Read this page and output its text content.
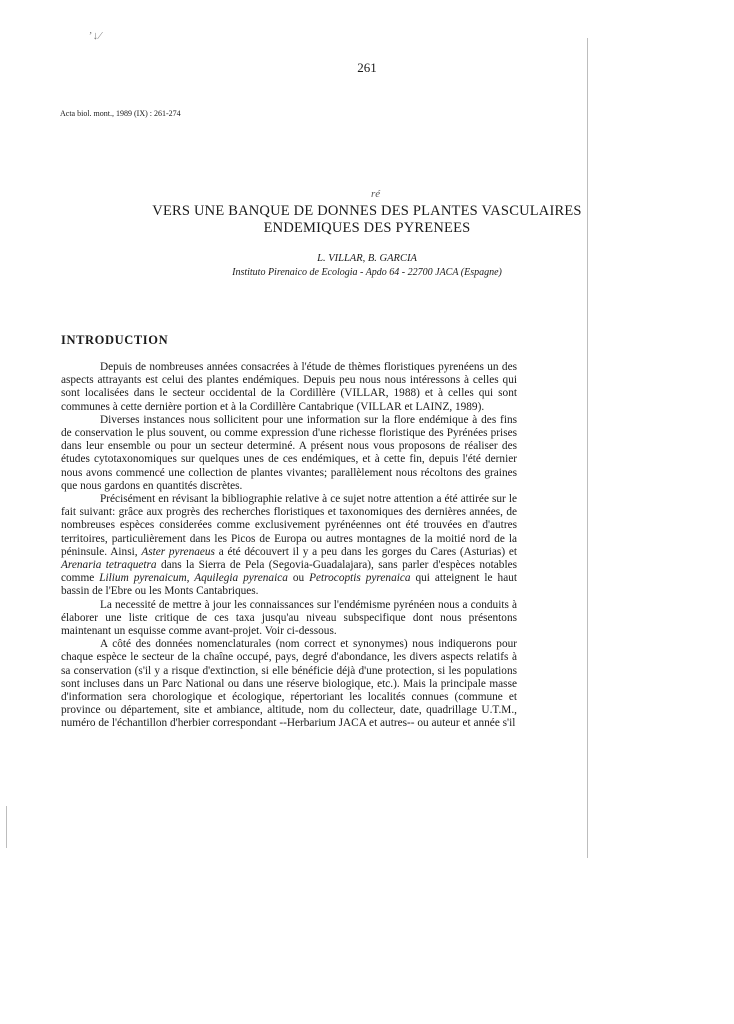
’↓⁄
261
Acta biol. mont., 1989 (IX) : 261-274
ré
VERS UNE BANQUE DE DONNES DES PLANTES VASCULAIRES
ENDEMIQUES DES PYRENEES
L. VILLAR, B. GARCIA
Instituto Pirenaico de Ecologia - Apdo 64 - 22700 JACA (Espagne)
INTRODUCTION

Depuis de nombreuses années consacrées à l'étude de thèmes floristiques pyrenéens un des aspects attrayants est celui des plantes endémiques. Depuis peu nous nous intéressons à celles qui sont localisées dans le secteur occidental de la Cordillère (VILLAR, 1988) et à celles qui sont communes à cette dernière portion et à la Cordillère Cantabrique (VILLAR et LAINZ, 1989).

Diverses instances nous sollicitent pour une information sur la flore endémique à des fins de conservation le plus souvent, ou comme expression d'une richesse floristique des Pyrénées prises dans leur ensemble ou pour un secteur determiné. A présent nous vous proposons de réaliser des études cytotaxonomiques sur quelques unes de ces endémiques, et à cette fin, depuis l'été dernier nous avons commencé une collection de plantes vivantes; parallèlement nous récoltons des graines que nous gardons en quantités discrètes.

Précisément en révisant la bibliographie relative à ce sujet notre attention a été attirée sur le fait suivant: grâce aux progrès des recherches floristiques et taxonomiques des dernières années, de nombreuses espèces considerées comme exclusivement pyrénéennes ont été trouvées en d'autres territoires, particulièrement dans les Picos de Europa ou autres montagnes de la moitié nord de la péninsule. Ainsi, Aster pyrenaeus a été découvert il y a peu dans les gorges du Cares (Asturias) et Arenaria tetraquetra dans la Sierra de Pela (Segovia-Guadalajara), sans parler d'espèces notables comme Lilium pyrenaicum, Aquilegia pyrenaica ou Petrocoptis pyrenaica qui atteignent le haut bassin de l'Ebre ou les Monts Cantabriques.

La necessité de mettre à jour les connaissances sur l'endémisme pyrénéen nous a conduits à élaborer une liste critique de ces taxa jusqu'au niveau subspecifique dont nous présentons maintenant un esquisse comme avant-projet. Voir ci-dessous.

A côté des données nomenclaturales (nom correct et synonymes) nous indiquerons pour chaque espèce le secteur de la chaîne occupé, pays, degré d'abondance, les divers aspects relatifs à sa conservation (s'il y a risque d'extinction, si elle bénéficie déjà d'une protection, si les populations sont incluses dans un Parc National ou dans une réserve biologique, etc.). Mais la principale masse d'information sera chorologique et écologique, répertoriant les localités connues (commune et province ou département, site et ambiance, altitude, nom du collecteur, date, quadrillage U.T.M., numéro de l'échantillon d'herbier correspondant --Herbarium JACA et autres-- ou auteur et année s'il
